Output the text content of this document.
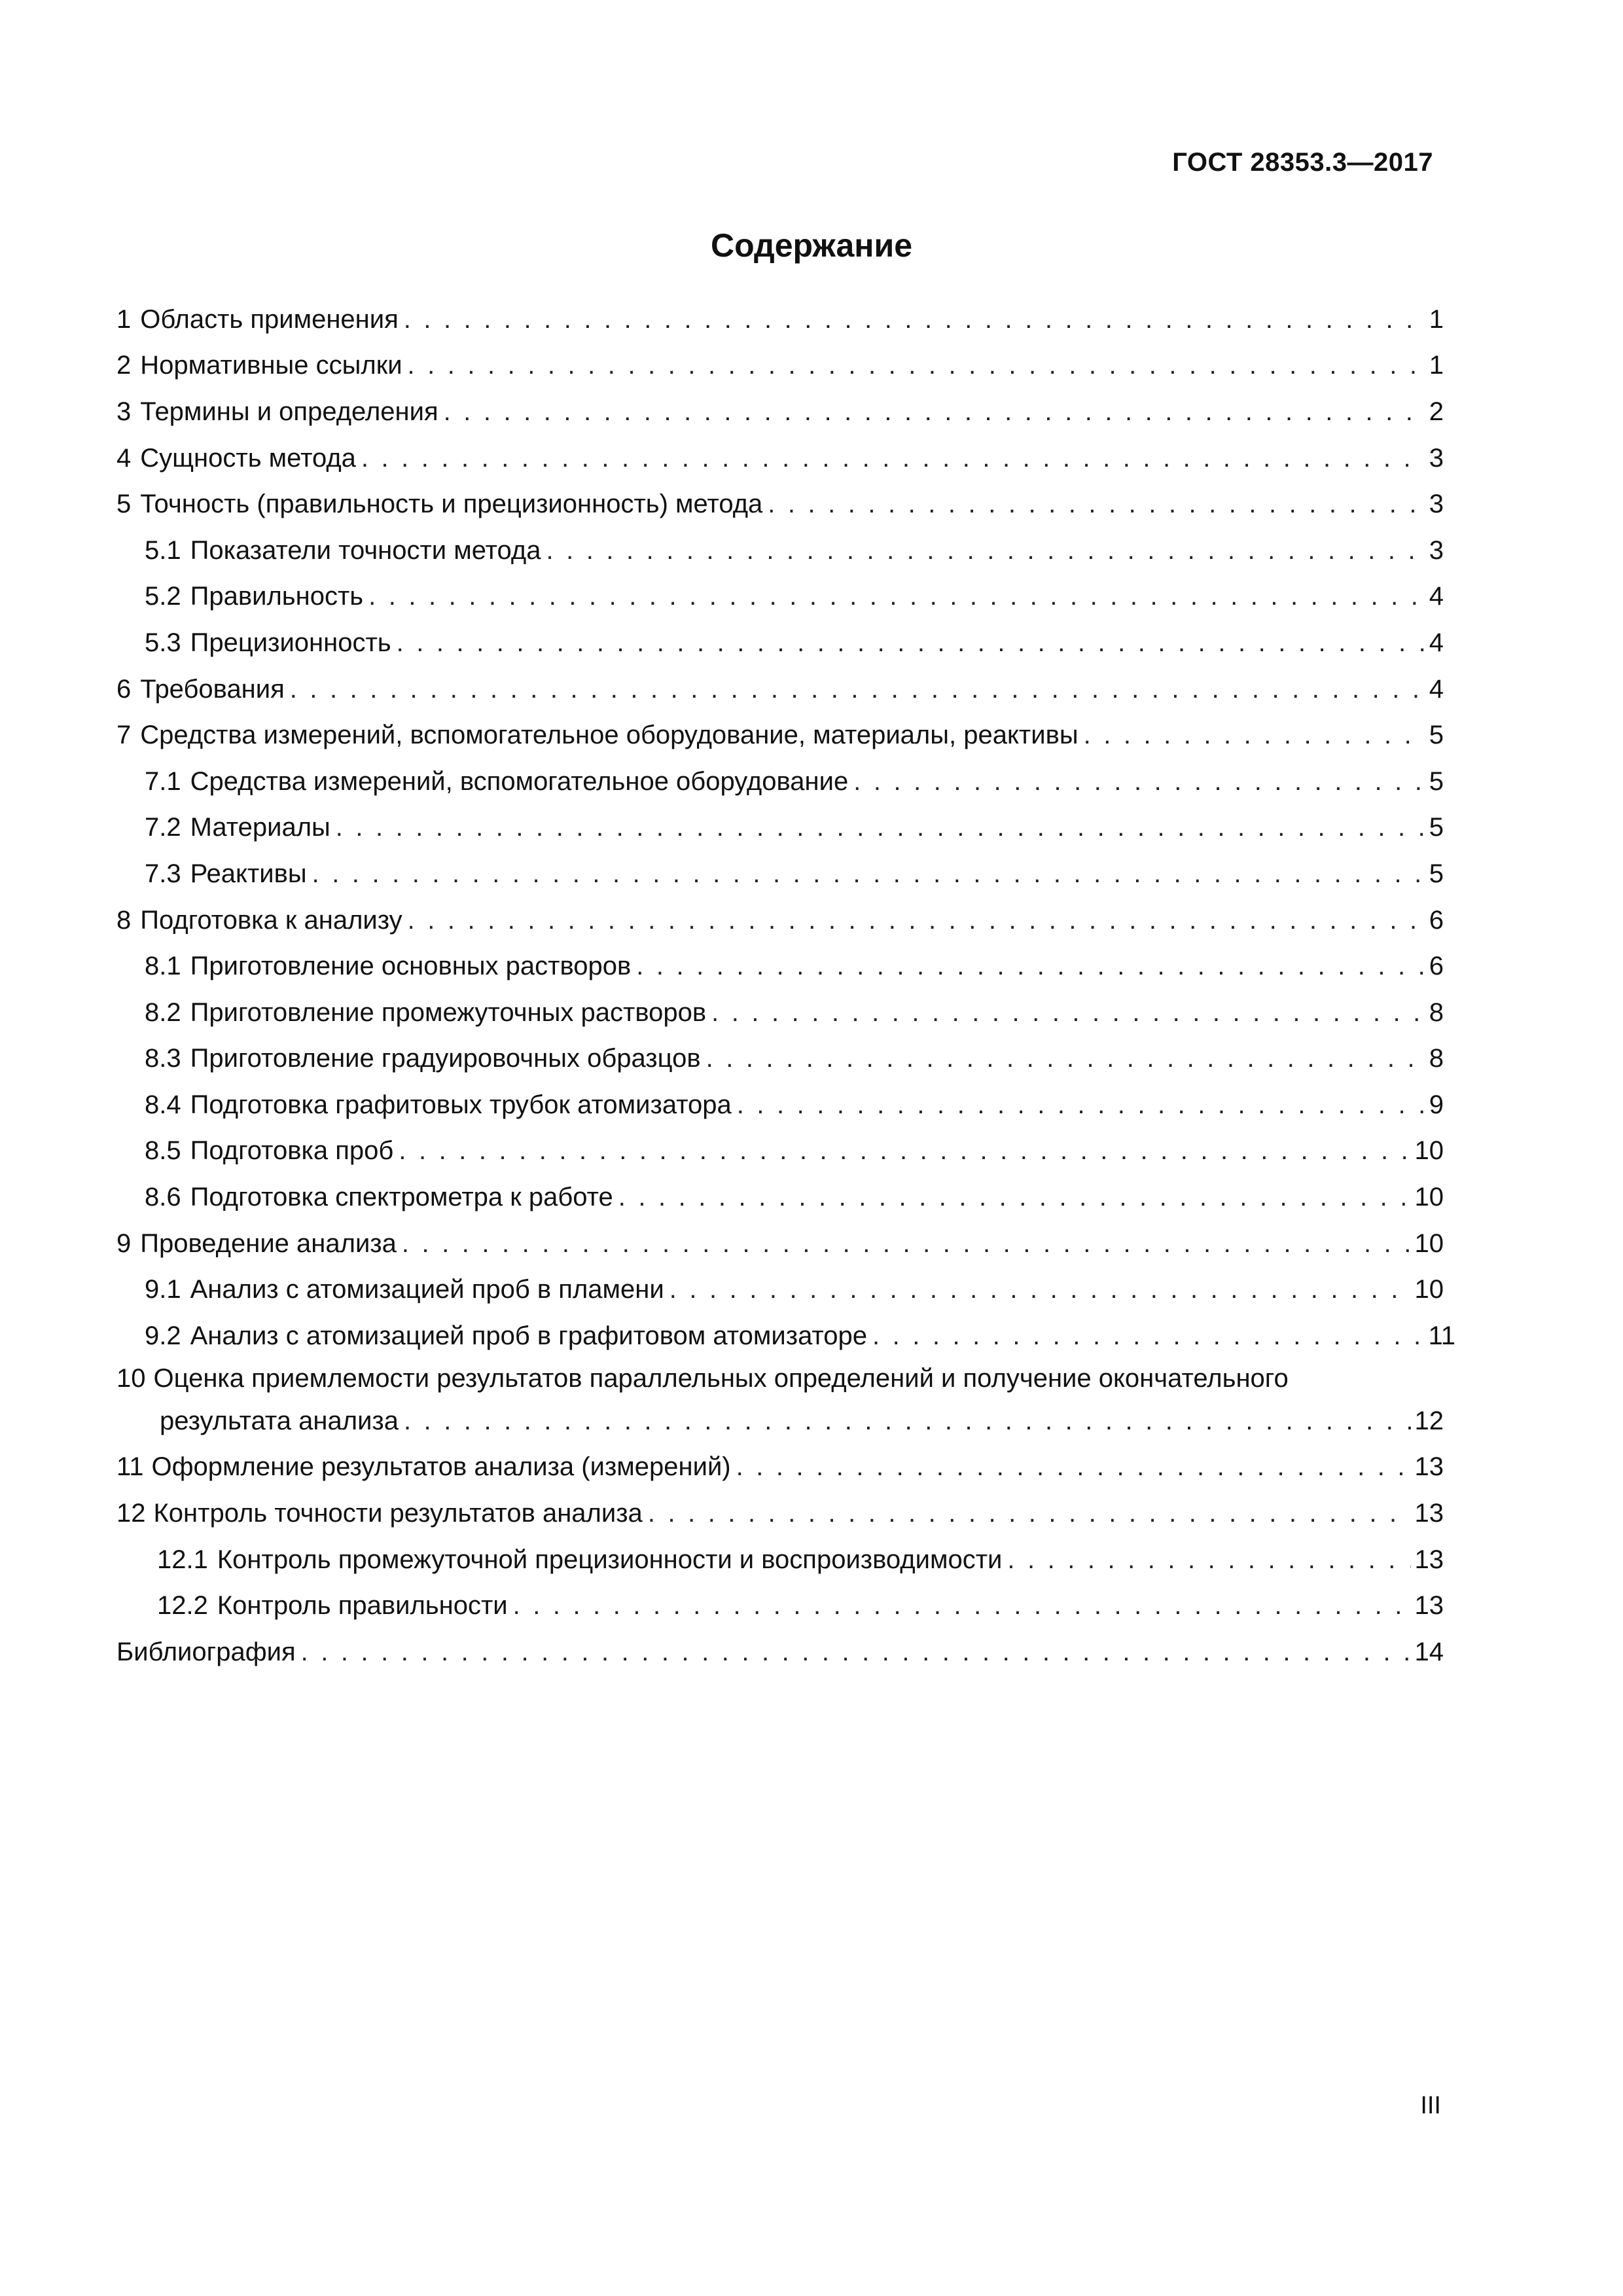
ГОСТ 28353.3—2017
Содержание
1 Область применения . . .	1
2 Нормативные ссылки . . .	1
3 Термины и определения . . .	2
4 Сущность метода . . .	3
5 Точность (правильность и прецизионность) метода . . .	3
5.1 Показатели точности метода . . .	3
5.2 Правильность . . .	4
5.3 Прецизионность . . .	4
6 Требования . . .	4
7 Средства измерений, вспомогательное оборудование, материалы, реактивы . . .	5
7.1 Средства измерений, вспомогательное оборудование . . .	5
7.2 Материалы . . .	5
7.3 Реактивы . . .	5
8 Подготовка к анализу . . .	6
8.1 Приготовление основных растворов . . .	6
8.2 Приготовление промежуточных растворов . . .	8
8.3 Приготовление градуировочных образцов . . .	8
8.4 Подготовка графитовых трубок атомизатора . . .	9
8.5 Подготовка проб . . .	10
8.6 Подготовка спектрометра к работе . . .	10
9 Проведение анализа . . .	10
9.1 Анализ с атомизацией проб в пламени . . .	10
9.2 Анализ с атомизацией проб в графитовом атомизаторе . . .	11
10 Оценка приемлемости результатов параллельных определений и получение окончательного
результата анализа . . .	12
11 Оформление результатов анализа (измерений) . . .	13
12 Контроль точности результатов анализа . . .	13
12.1 Контроль промежуточной прецизионности и воспроизводимости . . .	13
12.2 Контроль правильности . . .	13
Библиография . . .	14
III
